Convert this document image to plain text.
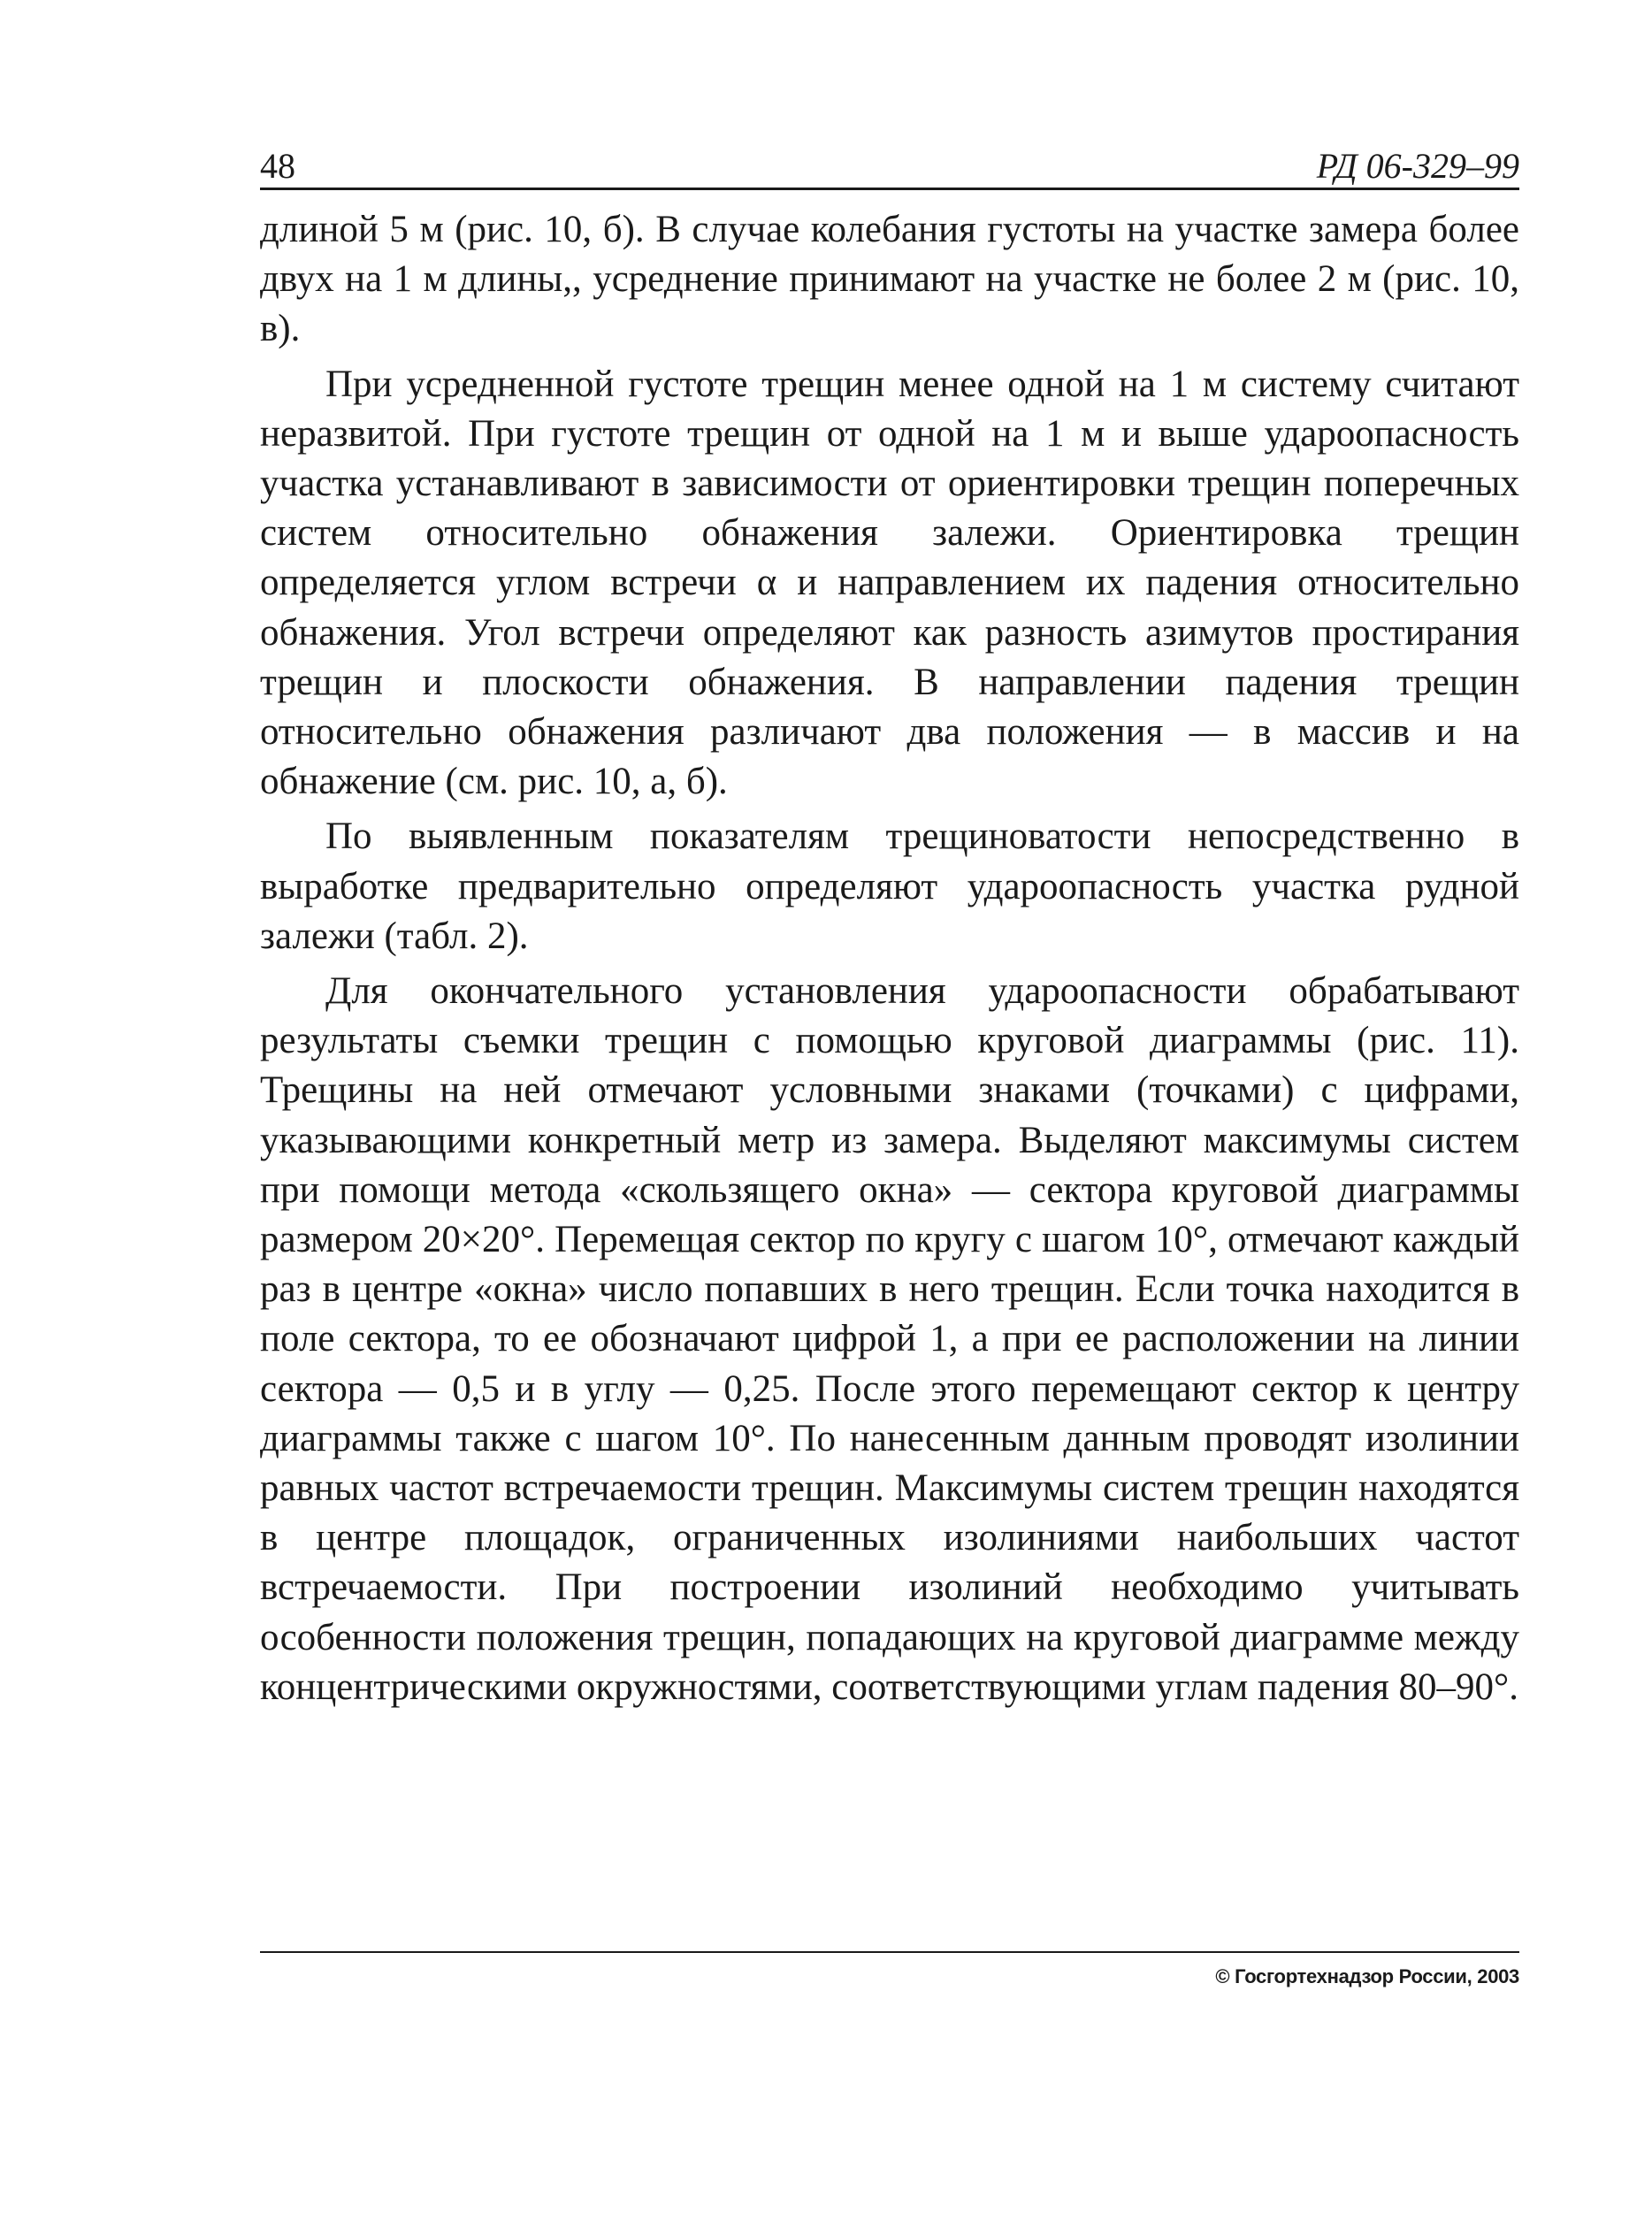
48	РД 06-329–99

длиной 5 м (рис. 10, б). В случае колебания густоты на участке замера более двух на 1 м длины,, усреднение принимают на участке не более 2 м (рис. 10, в).

При усредненной густоте трещин менее одной на 1 м систему считают неразвитой. При густоте трещин от одной на 1 м и выше удароопасность участка устанавливают в зависимости от ориентировки трещин поперечных систем относительно обнажения залежи. Ориентировка трещин определяется углом встречи α и направлением их падения относительно обнажения. Угол встречи определяют как разность азимутов простирания трещин и плоскости обнажения. В направлении падения трещин относительно обнажения различают два положения — в массив и на обнажение (см. рис. 10, а, б).

По выявленным показателям трещиноватости непосредственно в выработке предварительно определяют удароопасность участка рудной залежи (табл. 2).

Для окончательного установления удароопасности обрабатывают результаты съемки трещин с помощью круговой диаграммы (рис. 11). Трещины на ней отмечают условными знаками (точками) с цифрами, указывающими конкретный метр из замера. Выделяют максимумы систем при помощи метода «скользящего окна» — сектора круговой диаграммы размером 20×20°. Перемещая сектор по кругу с шагом 10°, отмечают каждый раз в центре «окна» число попавших в него трещин. Если точка находится в поле сектора, то ее обозначают цифрой 1, а при ее расположении на линии сектора — 0,5 и в углу — 0,25. После этого перемещают сектор к центру диаграммы также с шагом 10°. По нанесенным данным проводят изолинии равных частот встречаемости трещин. Максимумы систем трещин находятся в центре площадок, ограниченных изолиниями наибольших частот встречаемости. При построении изолиний необходимо учитывать особенности положения трещин, попадающих на круговой диаграмме между концентрическими окружностями, соответствующими углам падения 80–90°.

© Госгортехнадзор России, 2003
